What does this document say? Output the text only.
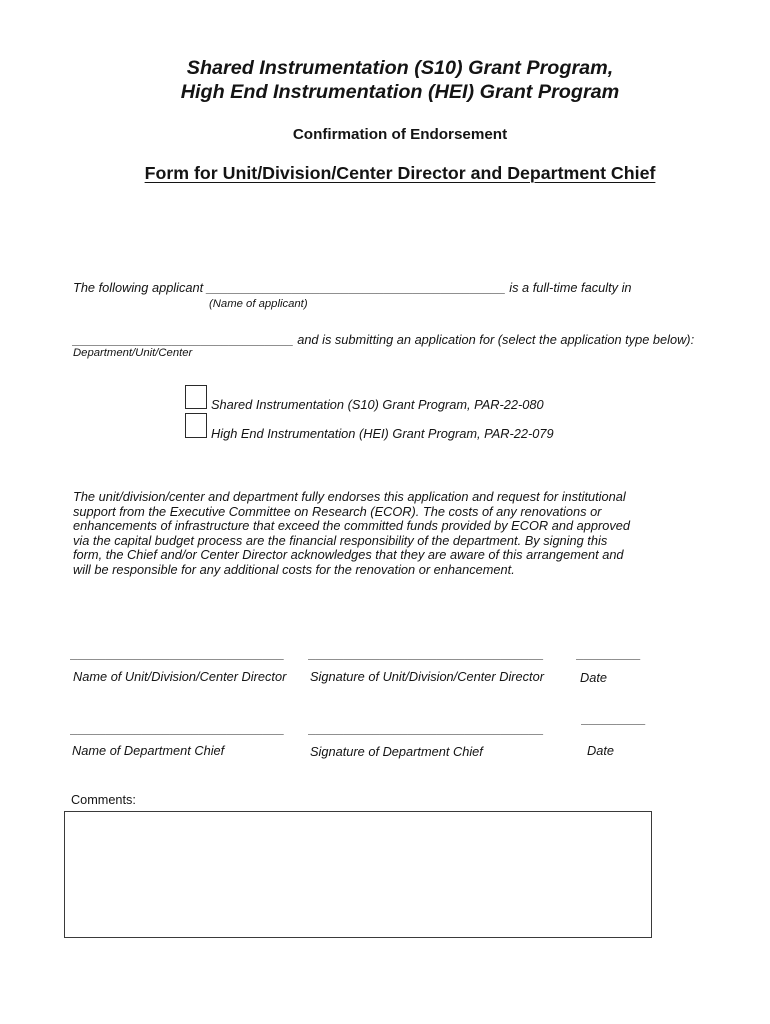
Shared Instrumentation (S10) Grant Program,
High End Instrumentation (HEI) Grant Program
Confirmation of Endorsement
Form for Unit/Division/Center Director and Department Chief
The following applicant __________________________________________ is a full-time faculty in
(Name of applicant)
_______________________________ and is submitting an application for (select the application type below):
Department/Unit/Center
Shared Instrumentation (S10) Grant Program, PAR-22-080
High End Instrumentation (HEI) Grant Program, PAR-22-079
The unit/division/center and department fully endorses this application and request for institutional
support from the Executive Committee on Research (ECOR). The costs of any renovations or
enhancements of infrastructure that exceed the committed funds provided by ECOR and approved
via the capital budget process are the financial responsibility of the department. By signing this
form, the Chief and/or Center Director acknowledges that they are aware of this arrangement and
will be responsible for any additional costs for the renovation or enhancement.
______________________________ _________________________________	_________
Name of Unit/Division/Center Director Signature of Unit/Division/Center Director	Date
______________________________ _________________________________
_________
Name of Department Chief	Signature of Department Chief	Date
Comments:
